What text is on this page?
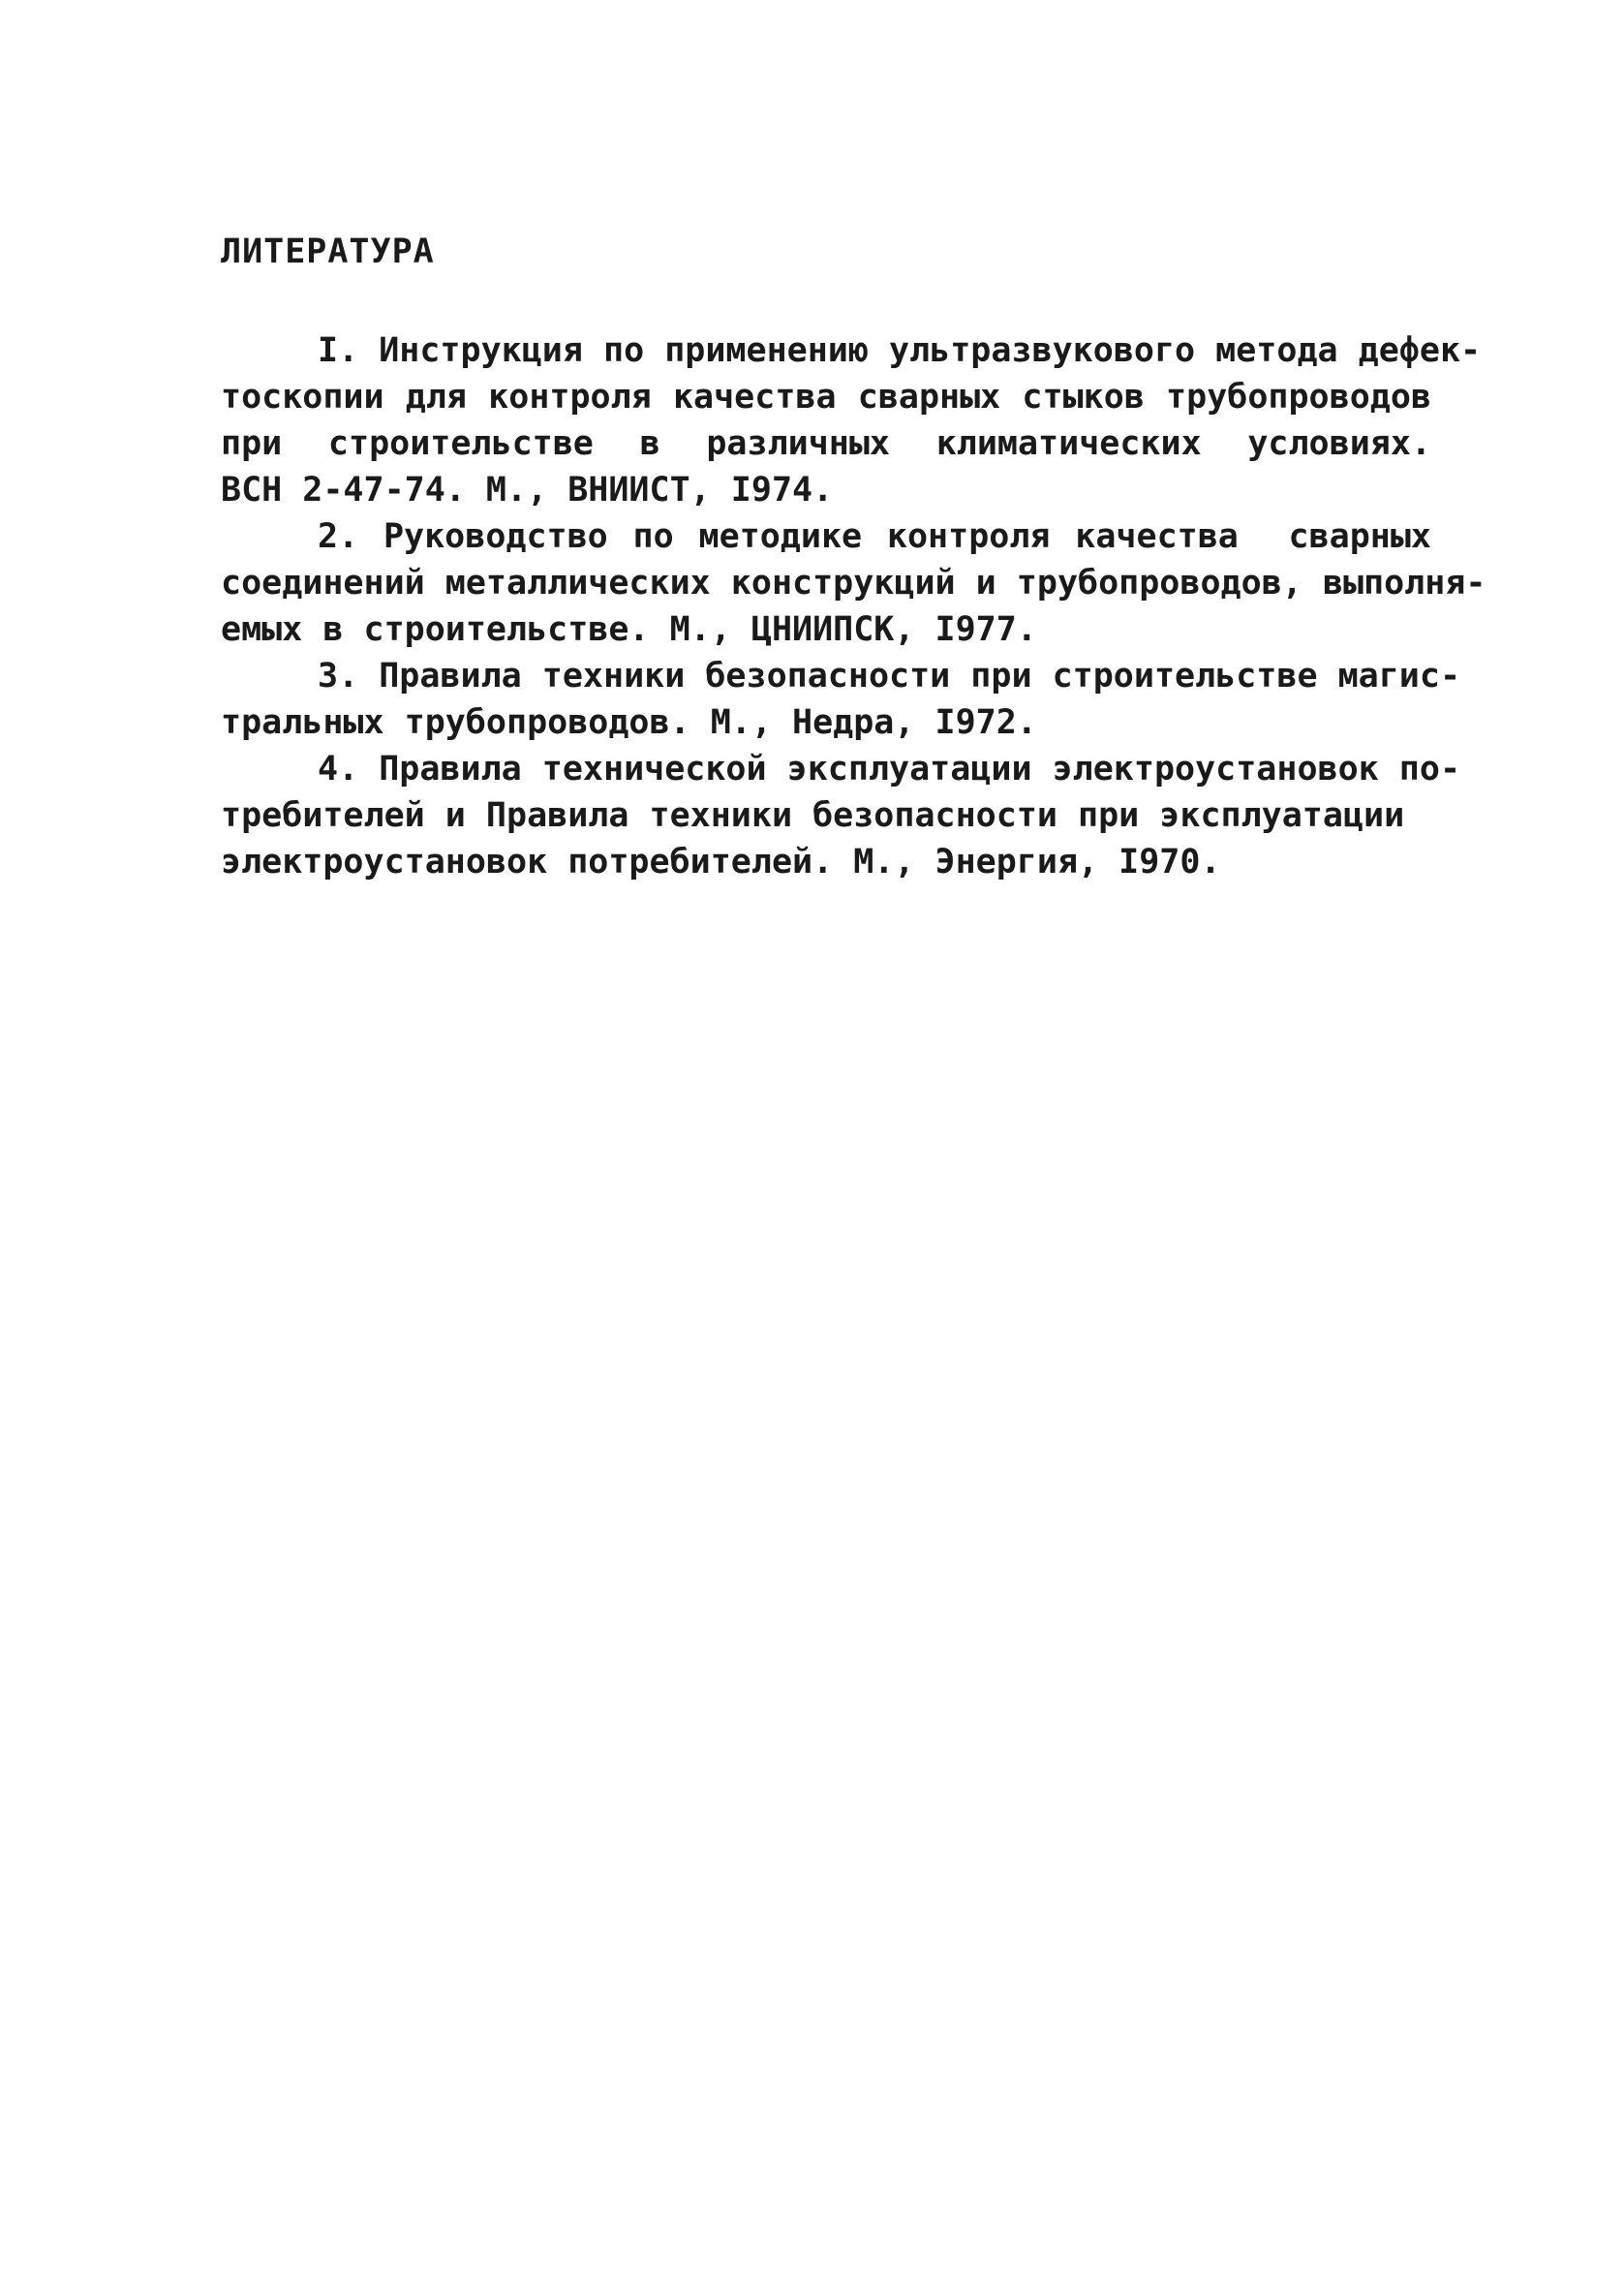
ЛИТЕРАТУРА
I. Инструкция по применению ультразвукового метода дефек-
тоскопии для контроля качества сварных стыков трубопроводов
при строительстве в различных климатических условиях.
ВСН 2-47-74. М., ВНИИСТ, I974.
2. Руководство по методике контроля качества  сварных
соединений металлических конструкций и трубопроводов, выполня-
емых в строительстве. М., ЦНИИПСК, I977.
3. Правила техники безопасности при строительстве магис-
тральных трубопроводов. М., Недра, I972.
4. Правила технической эксплуатации электроустановок по-
требителей и Правила техники безопасности при эксплуатации
электроустановок потребителей. М., Энергия, I970.
